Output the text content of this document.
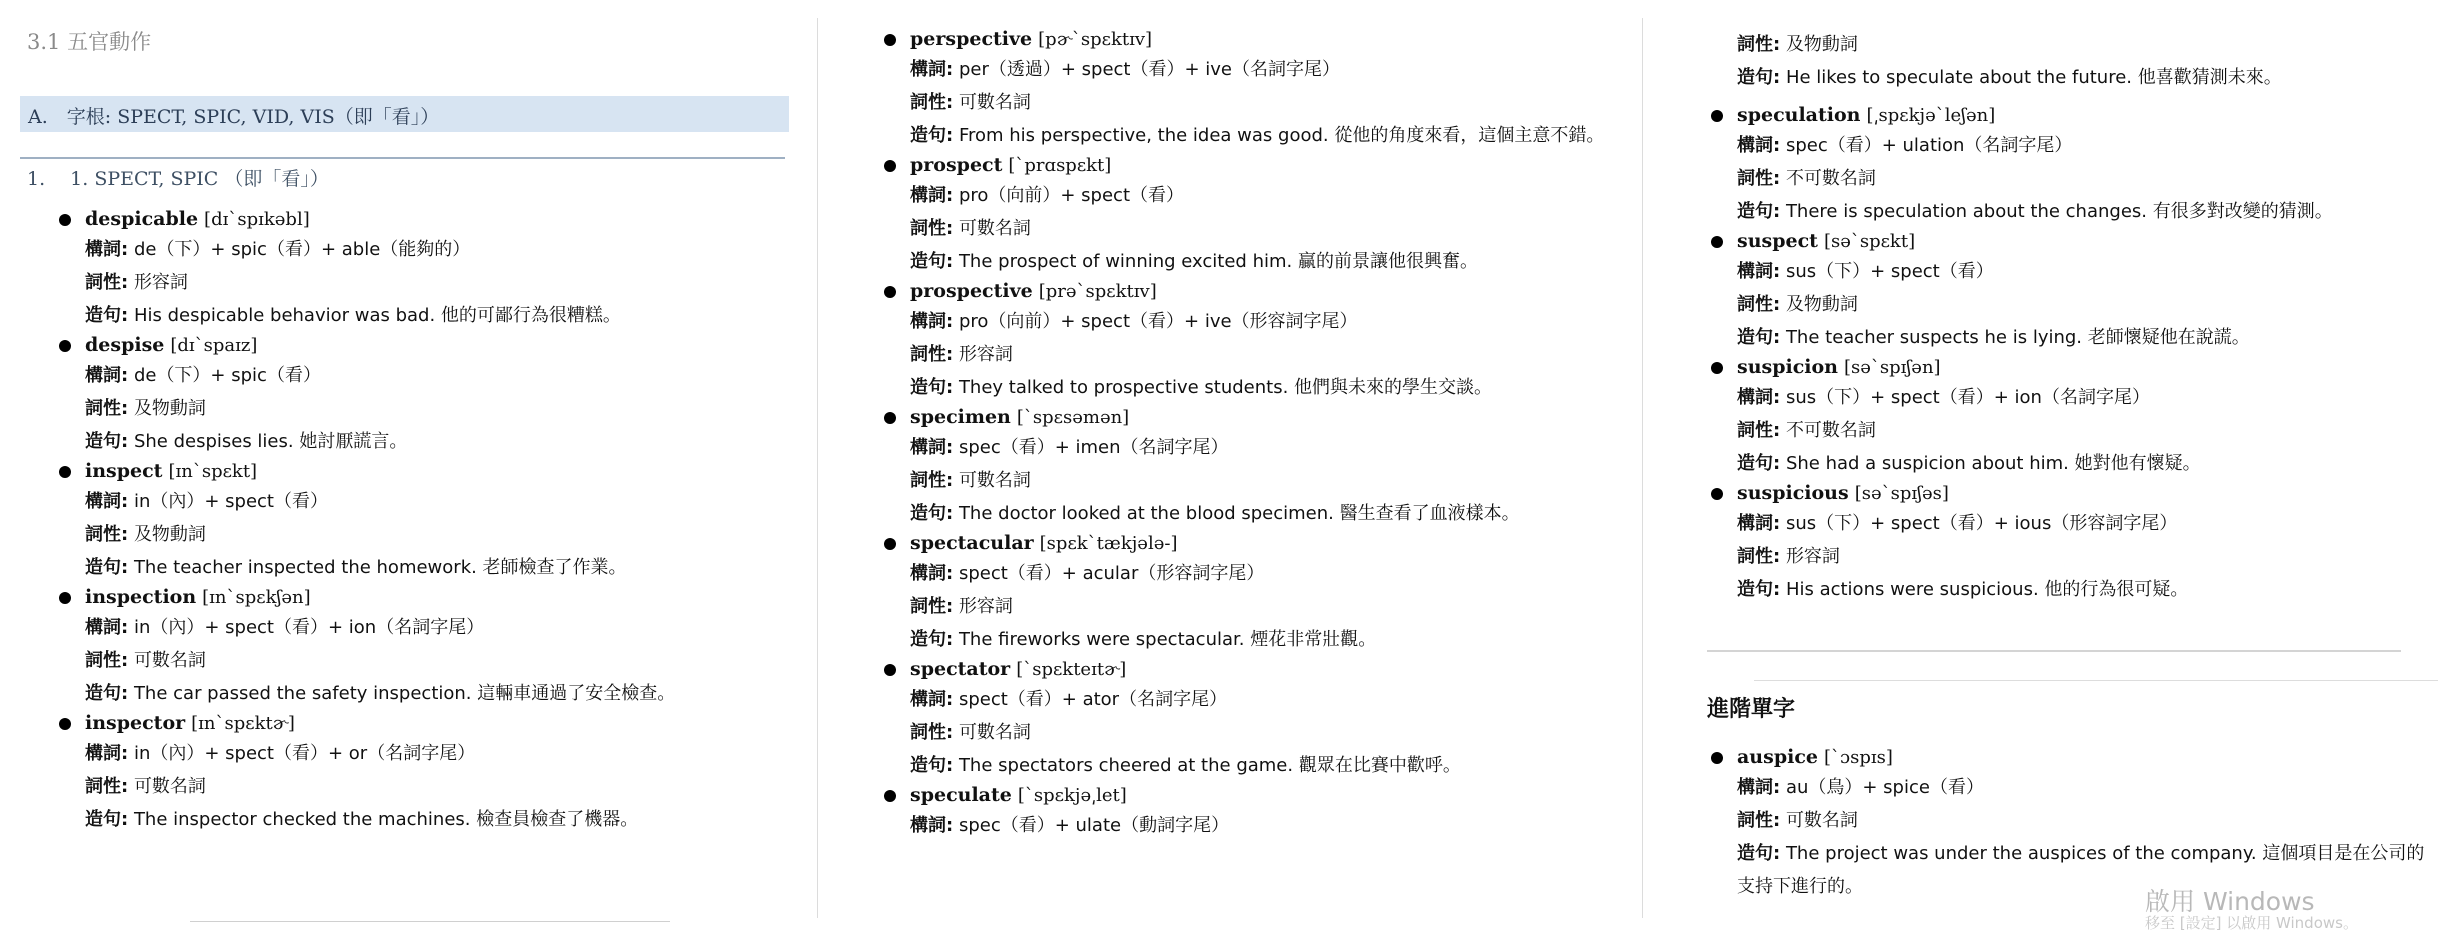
3.1 五官動作
A.　字根: SPECT, SPIC, VID, VIS（即「看」）
1.　 1. SPECT, SPIC （即「看」）
despicable [dɪ`spɪkəbl]
構詞: de（下）+ spic（看）+ able（能夠的）
詞性: 形容詞
造句: His despicable behavior was bad. 他的可鄙行為很糟糕。
despise [dɪ`spaɪz]
構詞: de（下）+ spic（看）
詞性: 及物動詞
造句: She despises lies. 她討厭謊言。
inspect [ɪn`spɛkt]
構詞: in（內）+ spect（看）
詞性: 及物動詞
造句: The teacher inspected the homework. 老師檢查了作業。
inspection [ɪn`spɛkʃən]
構詞: in（內）+ spect（看）+ ion（名詞字尾）
詞性: 可數名詞
造句: The car passed the safety inspection. 這輛車通過了安全檢查。
inspector [ɪn`spɛktɚ]
構詞: in（內）+ spect（看）+ or（名詞字尾）
詞性: 可數名詞
造句: The inspector checked the machines. 檢查員檢查了機器。
perspective [pɚ`spɛktɪv]
構詞: per（透過）+ spect（看）+ ive（名詞字尾）
詞性: 可數名詞
造句: From his perspective, the idea was good. 從他的角度來看，這個主意不錯。
prospect [`prɑspɛkt]
構詞: pro（向前）+ spect（看）
詞性: 可數名詞
造句: The prospect of winning excited him. 贏的前景讓他很興奮。
prospective [prə`spɛktɪv]
構詞: pro（向前）+ spect（看）+ ive（形容詞字尾）
詞性: 形容詞
造句: They talked to prospective students. 他們與未來的學生交談。
specimen [`spɛsəmən]
構詞: spec（看）+ imen（名詞字尾）
詞性: 可數名詞
造句: The doctor looked at the blood specimen. 醫生查看了血液樣本。
spectacular [spɛk`tækjələ-]
構詞: spect（看）+ acular（形容詞字尾）
詞性: 形容詞
造句: The fireworks were spectacular. 煙花非常壯觀。
spectator [`spɛkteɪtɚ]
構詞: spect（看）+ ator（名詞字尾）
詞性: 可數名詞
造句: The spectators cheered at the game. 觀眾在比賽中歡呼。
speculate [`spɛkjə͵let]
構詞: spec（看）+ ulate（動詞字尾）
詞性: 及物動詞
造句: He likes to speculate about the future. 他喜歡猜測未來。
speculation [͵spɛkjə`leʃən]
構詞: spec（看）+ ulation（名詞字尾）
詞性: 不可數名詞
造句: There is speculation about the changes. 有很多對改變的猜測。
suspect [sə`spɛkt]
構詞: sus（下）+ spect（看）
詞性: 及物動詞
造句: The teacher suspects he is lying. 老師懷疑他在說謊。
suspicion [sə`spɪʃən]
構詞: sus（下）+ spect（看）+ ion（名詞字尾）
詞性: 不可數名詞
造句: She had a suspicion about him. 她對他有懷疑。
suspicious [sə`spɪʃəs]
構詞: sus（下）+ spect（看）+ ious（形容詞字尾）
詞性: 形容詞
造句: His actions were suspicious. 他的行為很可疑。
進階單字
auspice [`ɔspɪs]
構詞: au（鳥）+ spice（看）
詞性: 可數名詞
造句: The project was under the auspices of the company. 這個項目是在公司的支持下進行的。
啟用 Windows
移至 [設定] 以啟用 Windows。
